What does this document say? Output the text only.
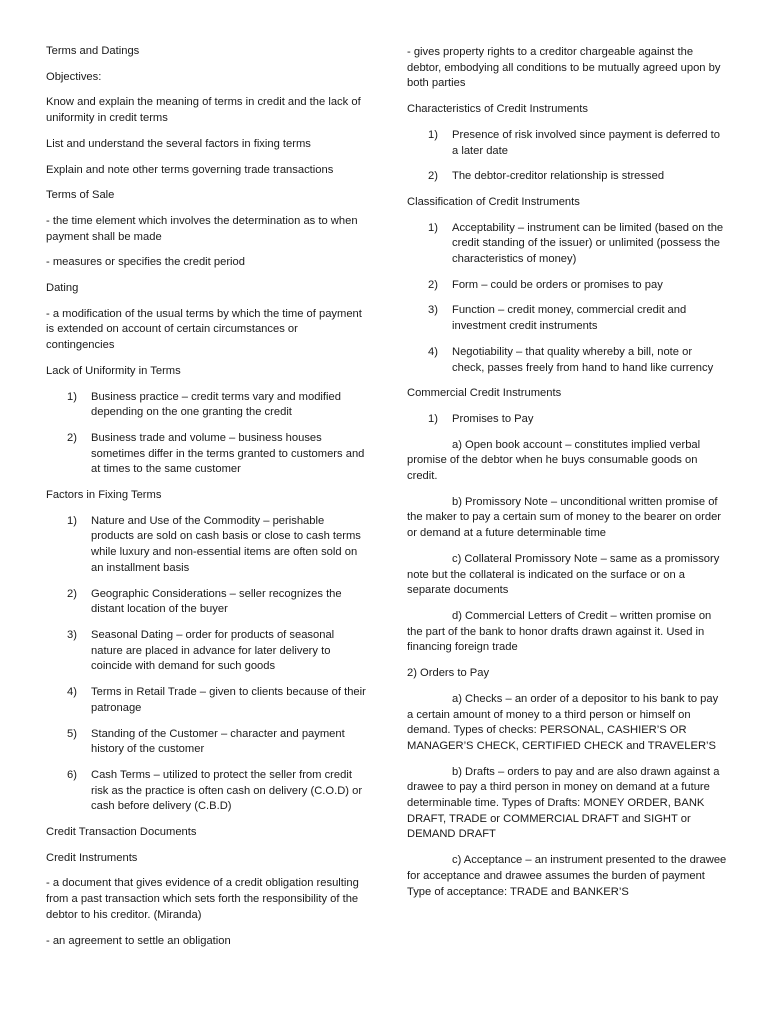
Terms and Datings
Objectives:
Know and explain the meaning of terms in credit and the lack of uniformity in credit terms
List and understand the several factors in fixing terms
Explain and note other terms governing trade transactions
Terms of Sale
- the time element which involves the determination as to when payment shall be made
- measures or specifies the credit period
Dating
- a modification of the usual terms by which the time of payment is extended on account of certain circumstances or contingencies
Lack of Uniformity in Terms
1) Business practice – credit terms vary and modified depending on the one granting the credit
2) Business trade and volume – business houses sometimes differ in the terms granted to customers and at times to the same customer
Factors in Fixing Terms
1) Nature and Use of the Commodity – perishable products are sold on cash basis or close to cash terms while luxury and non-essential items are often sold on an installment basis
2) Geographic Considerations – seller recognizes the distant location of the buyer
3) Seasonal Dating – order for products of seasonal nature are placed in advance for later delivery to coincide with demand for such goods
4) Terms in Retail Trade – given to clients because of their patronage
5) Standing of the Customer – character and payment history of the customer
6) Cash Terms – utilized to protect the seller from credit risk as the practice is often cash on delivery (C.O.D) or cash before delivery (C.B.D)
Credit Transaction Documents
Credit Instruments
- a document that gives evidence of a credit obligation resulting from a past transaction which sets forth the responsibility of the debtor to his creditor. (Miranda)
- an agreement to settle an obligation
- gives property rights to a creditor chargeable against the debtor, embodying all conditions to be mutually agreed upon by both parties
Characteristics of Credit Instruments
1) Presence of risk involved since payment is deferred to a later date
2) The debtor-creditor relationship is stressed
Classification of Credit Instruments
1) Acceptability – instrument can be limited (based on the credit standing of the issuer) or unlimited (possess the characteristics of money)
2) Form – could be orders or promises to pay
3) Function – credit money, commercial credit and investment credit instruments
4) Negotiability – that quality whereby a bill, note or check, passes freely from hand to hand like currency
Commercial Credit Instruments
1) Promises to Pay
a) Open book account – constitutes implied verbal promise of the debtor when he buys consumable goods on credit.
b) Promissory Note – unconditional written promise of the maker to pay a certain sum of money to the bearer on order or demand at a future determinable time
c) Collateral Promissory Note – same as a promissory note but the collateral is indicated on the surface or on a separate documents
d) Commercial Letters of Credit – written promise on the part of the bank to honor drafts drawn against it. Used in financing foreign trade
2) Orders to Pay
a) Checks – an order of a depositor to his bank to pay a certain amount of money to a third person or himself on demand. Types of checks: PERSONAL, CASHIER’S OR MANAGER’S CHECK, CERTIFIED CHECK and TRAVELER’S
b) Drafts – orders to pay and are also drawn against a drawee to pay a third person in money on demand at a future determinable time. Types of Drafts: MONEY ORDER, BANK DRAFT, TRADE or COMMERCIAL DRAFT and SIGHT or DEMAND DRAFT
c) Acceptance – an instrument presented to the drawee for acceptance and drawee assumes the burden of payment Type of acceptance: TRADE and BANKER’S
